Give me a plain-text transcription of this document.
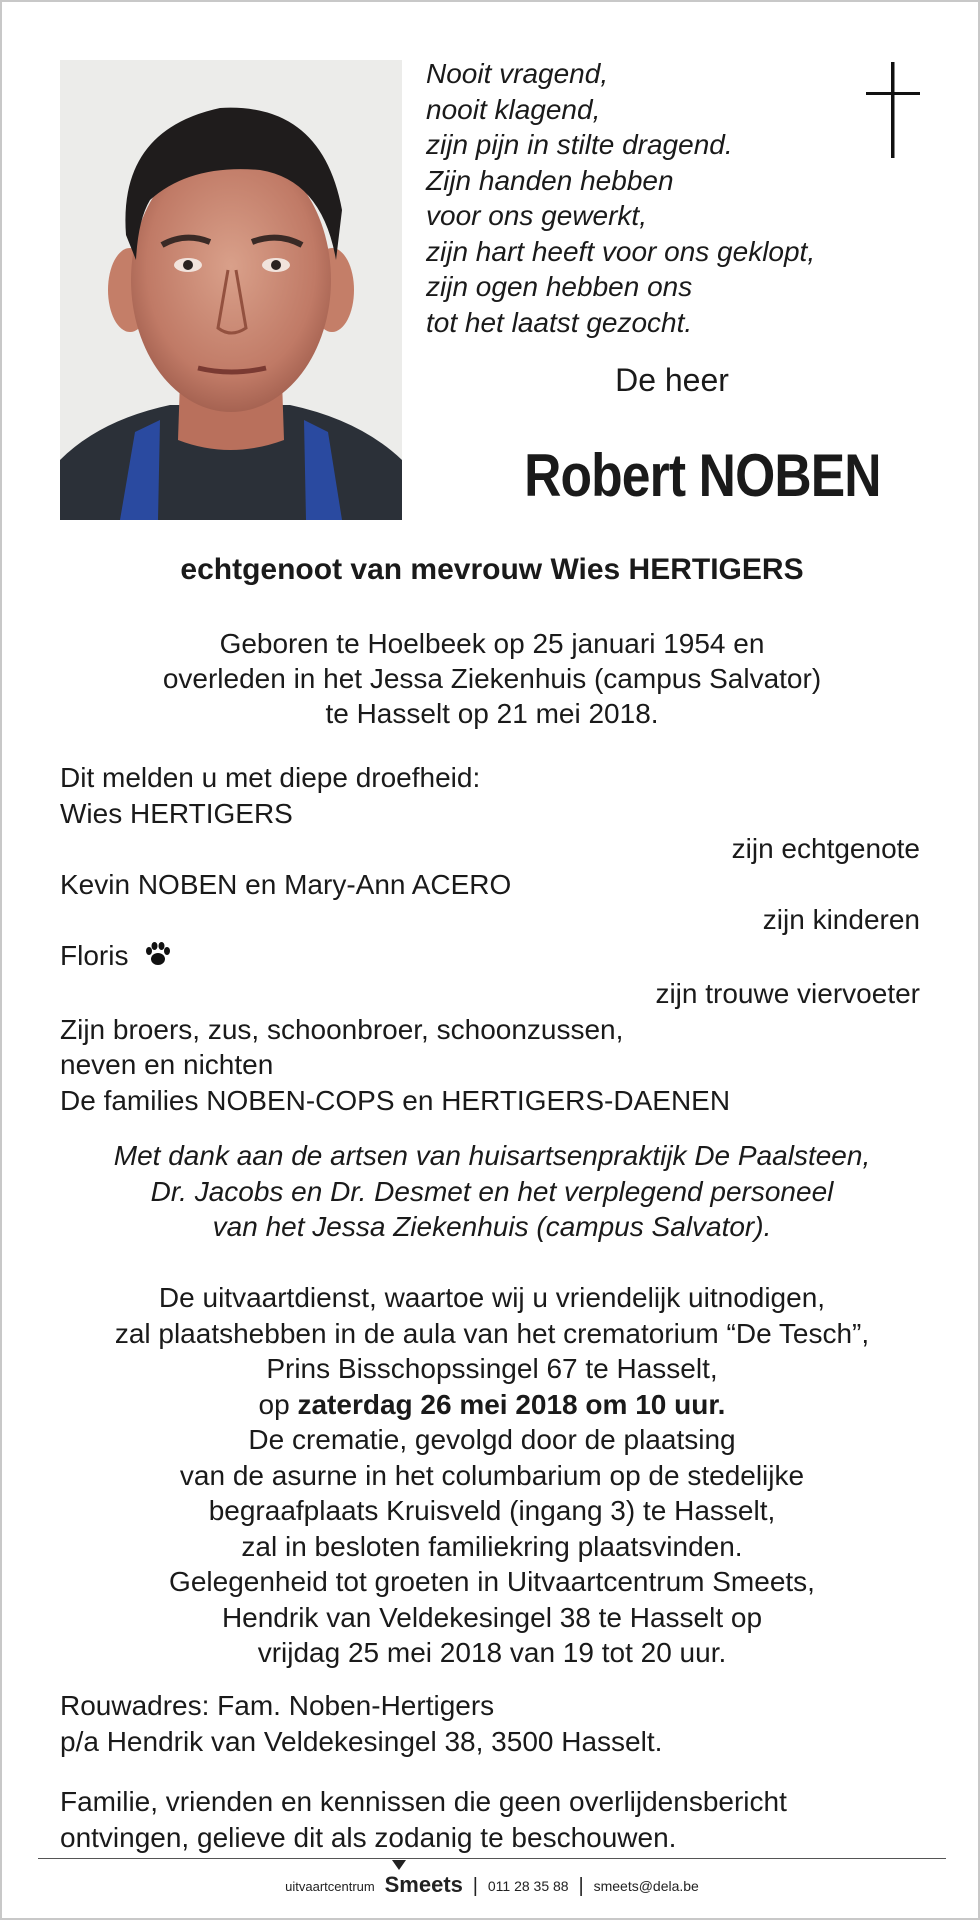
Nooit vragend,
nooit klagend,
zijn pijn in stilte dragend.
Zijn handen hebben
voor ons gewerkt,
zijn hart heeft voor ons geklopt,
zijn ogen hebben ons
tot het laatst gezocht.
De heer
Robert NOBEN
echtgenoot van mevrouw Wies HERTIGERS
Geboren te Hoelbeek op 25 januari 1954 en
overleden in het Jessa Ziekenhuis (campus Salvator)
te Hasselt op 21 mei 2018.
Dit melden u met diepe droefheid:
Wies HERTIGERS
zijn echtgenote
Kevin NOBEN en Mary-Ann ACERO
zijn kinderen
Floris
zijn trouwe viervoeter
Zijn broers, zus, schoonbroer, schoonzussen,
neven en nichten
De families NOBEN-COPS en HERTIGERS-DAENEN
Met dank aan de artsen van huisartsenpraktijk De Paalsteen,
Dr. Jacobs en Dr. Desmet en het verplegend personeel
van het Jessa Ziekenhuis (campus Salvator).
De uitvaartdienst, waartoe wij u vriendelijk uitnodigen,
zal plaatshebben in de aula van het crematorium “De Tesch”,
Prins Bisschopssingel 67 te Hasselt,
op zaterdag 26 mei 2018 om 10 uur.
De crematie, gevolgd door de plaatsing
van de asurne in het columbarium op de stedelijke
begraafplaats Kruisveld (ingang 3) te Hasselt,
zal in besloten familiekring plaatsvinden.
Gelegenheid tot groeten in Uitvaartcentrum Smeets,
Hendrik van Veldekesingel 38 te Hasselt op
vrijdag 25 mei 2018 van 19 tot 20 uur.
Rouwadres: Fam. Noben-Hertigers
p/a Hendrik van Veldekesingel 38, 3500 Hasselt.
Familie, vrienden en kennissen die geen overlijdensbericht
ontvingen, gelieve dit als zodanig te beschouwen.
uitvaartcentrum Smeets | 011 28 35 88 | smeets@dela.be
